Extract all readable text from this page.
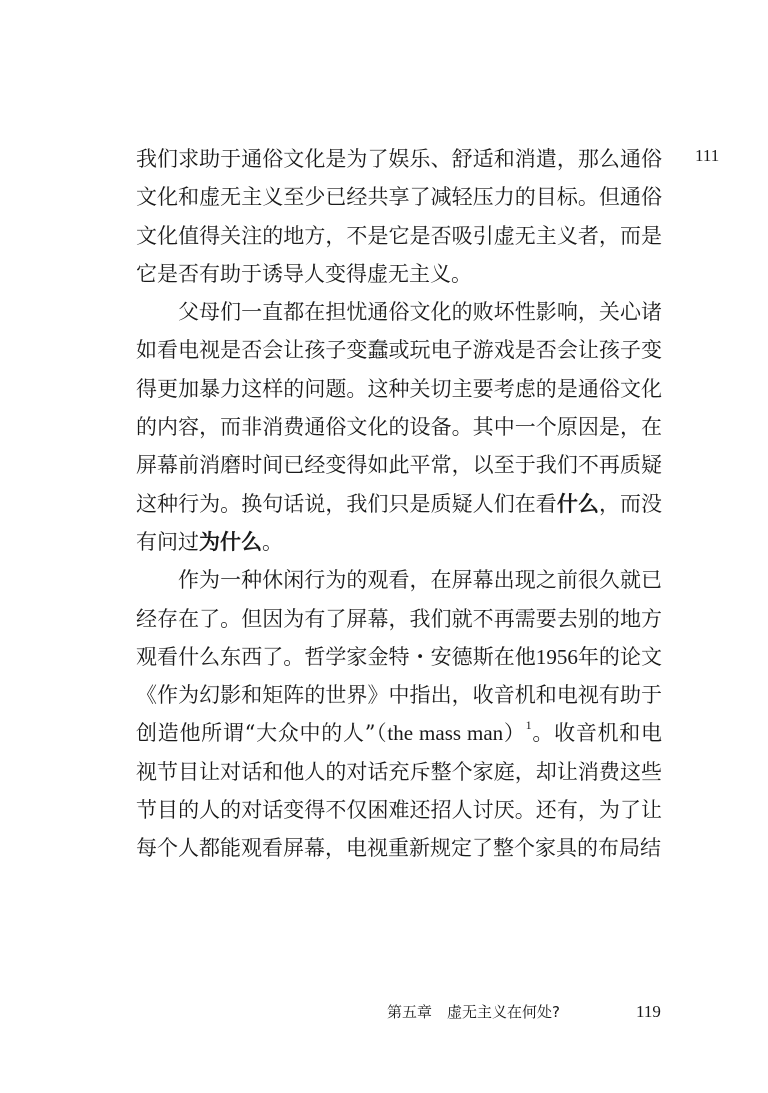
111

我们求助于通俗文化是为了娱乐、舒适和消遣，那么通俗文化和虚无主义至少已经共享了减轻压力的目标。但通俗文化值得关注的地方，不是它是否吸引虚无主义者，而是它是否有助于诱导人变得虚无主义。

父母们一直都在担忧通俗文化的败坏性影响，关心诸如看电视是否会让孩子变蠢或玩电子游戏是否会让孩子变得更加暴力这样的问题。这种关切主要考虑的是通俗文化的内容，而非消费通俗文化的设备。其中一个原因是，在屏幕前消磨时间已经变得如此平常，以至于我们不再质疑这种行为。换句话说，我们只是质疑人们在看什么，而没有问过为什么。

作为一种休闲行为的观看，在屏幕出现之前很久就已经存在了。但因为有了屏幕，我们就不再需要去别的地方观看什么东西了。哲学家金特・安德斯在他1956年的论文《作为幻影和矩阵的世界》中指出，收音机和电视有助于创造他所谓“大众中的人”（the mass man）$^1$。收音机和电视节目让对话和他人的对话充斥整个家庭，却让消费这些节目的人的对话变得不仅困难还招人讨厌。还有，为了让每个人都能观看屏幕，电视重新规定了整个家具的布局结

第五章　虚无主义在何处?	119
